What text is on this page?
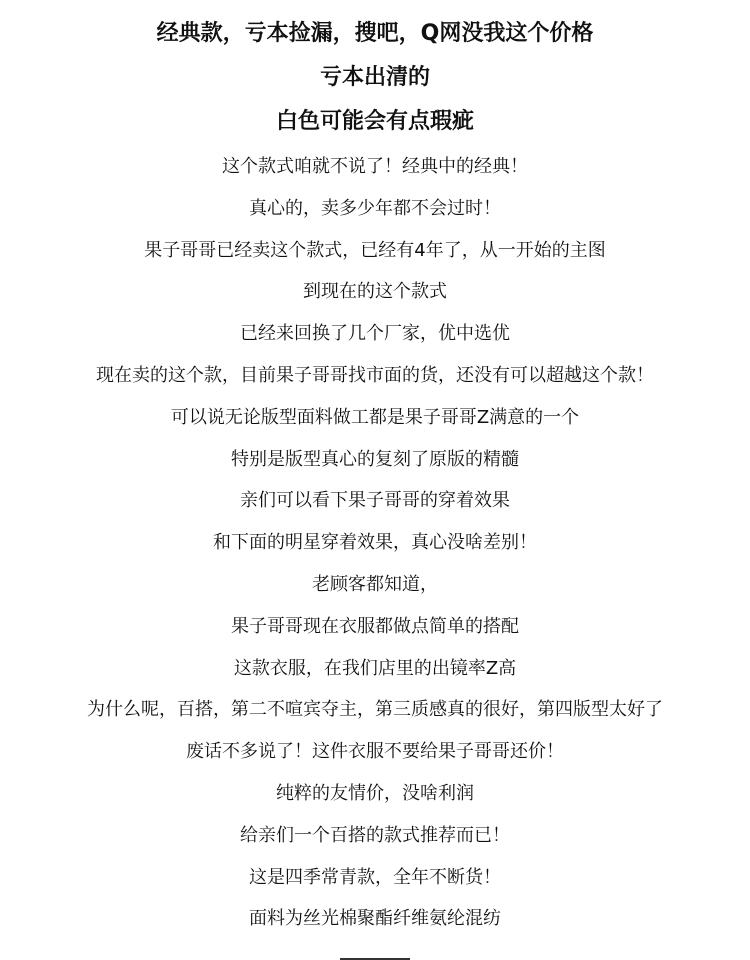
经典款，亏本捡漏，搜吧，Q网没我这个价格
亏本出清的
白色可能会有点瑕疵
这个款式咱就不说了！经典中的经典！
真心的，卖多少年都不会过时！
果子哥哥已经卖这个款式，已经有4年了，从一开始的主图
到现在的这个款式
已经来回换了几个厂家，优中选优
现在卖的这个款，目前果子哥哥找市面的货，还没有可以超越这个款！
可以说无论版型面料做工都是果子哥哥Z满意的一个
特别是版型真心的复刻了原版的精髓
亲们可以看下果子哥哥的穿着效果
和下面的明星穿着效果，真心没啥差别！
老顾客都知道，
果子哥哥现在衣服都做点简单的搭配
这款衣服，在我们店里的出镜率Z高
为什么呢，百搭，第二不喧宾夺主，第三质感真的很好，第四版型太好了
废话不多说了！这件衣服不要给果子哥哥还价！
纯粹的友情价，没啥利润
给亲们一个百搭的款式推荐而已！
这是四季常青款，全年不断货！
面料为丝光棉聚酯纤维氨纶混纺
